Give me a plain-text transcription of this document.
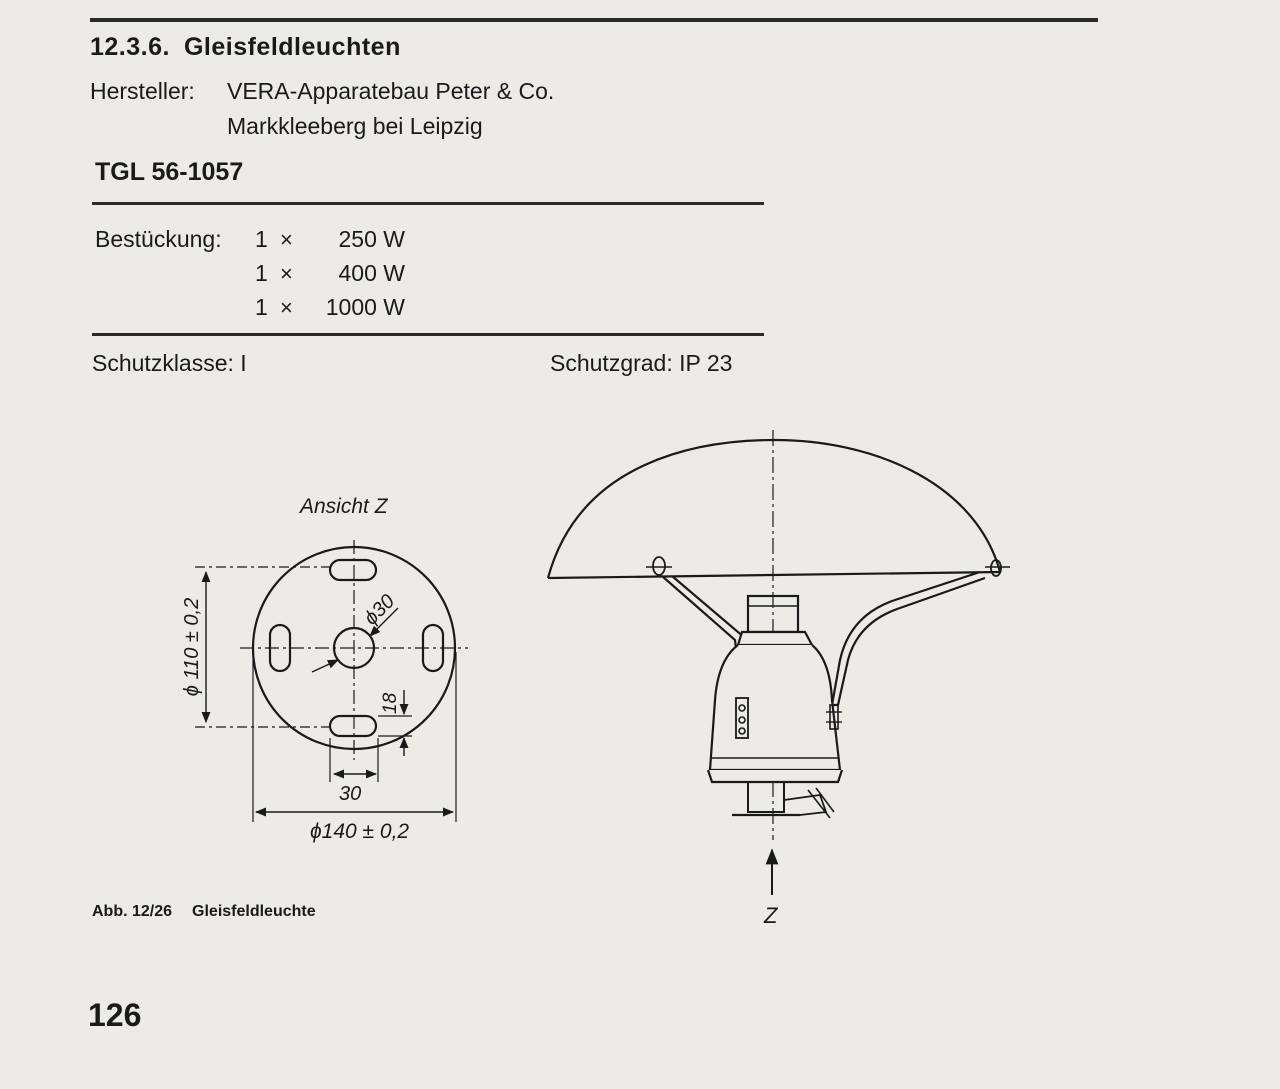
12.3.6. Gleisfeldleuchten
Hersteller: VERA-Apparatebau Peter & Co.
Markkleeberg bei Leipzig
TGL 56-1057
Bestückung: 1 ×	250 W
1 ×	400 W
1 ×	1000 W
Schutzklasse: I	Schutzgrad: IP 23
Ansicht Z
ϕ30
ϕ 110 ± 0,2
18
30
ϕ140 ± 0,2
Z
Abb. 12/26 Gleisfeldleuchte
126
